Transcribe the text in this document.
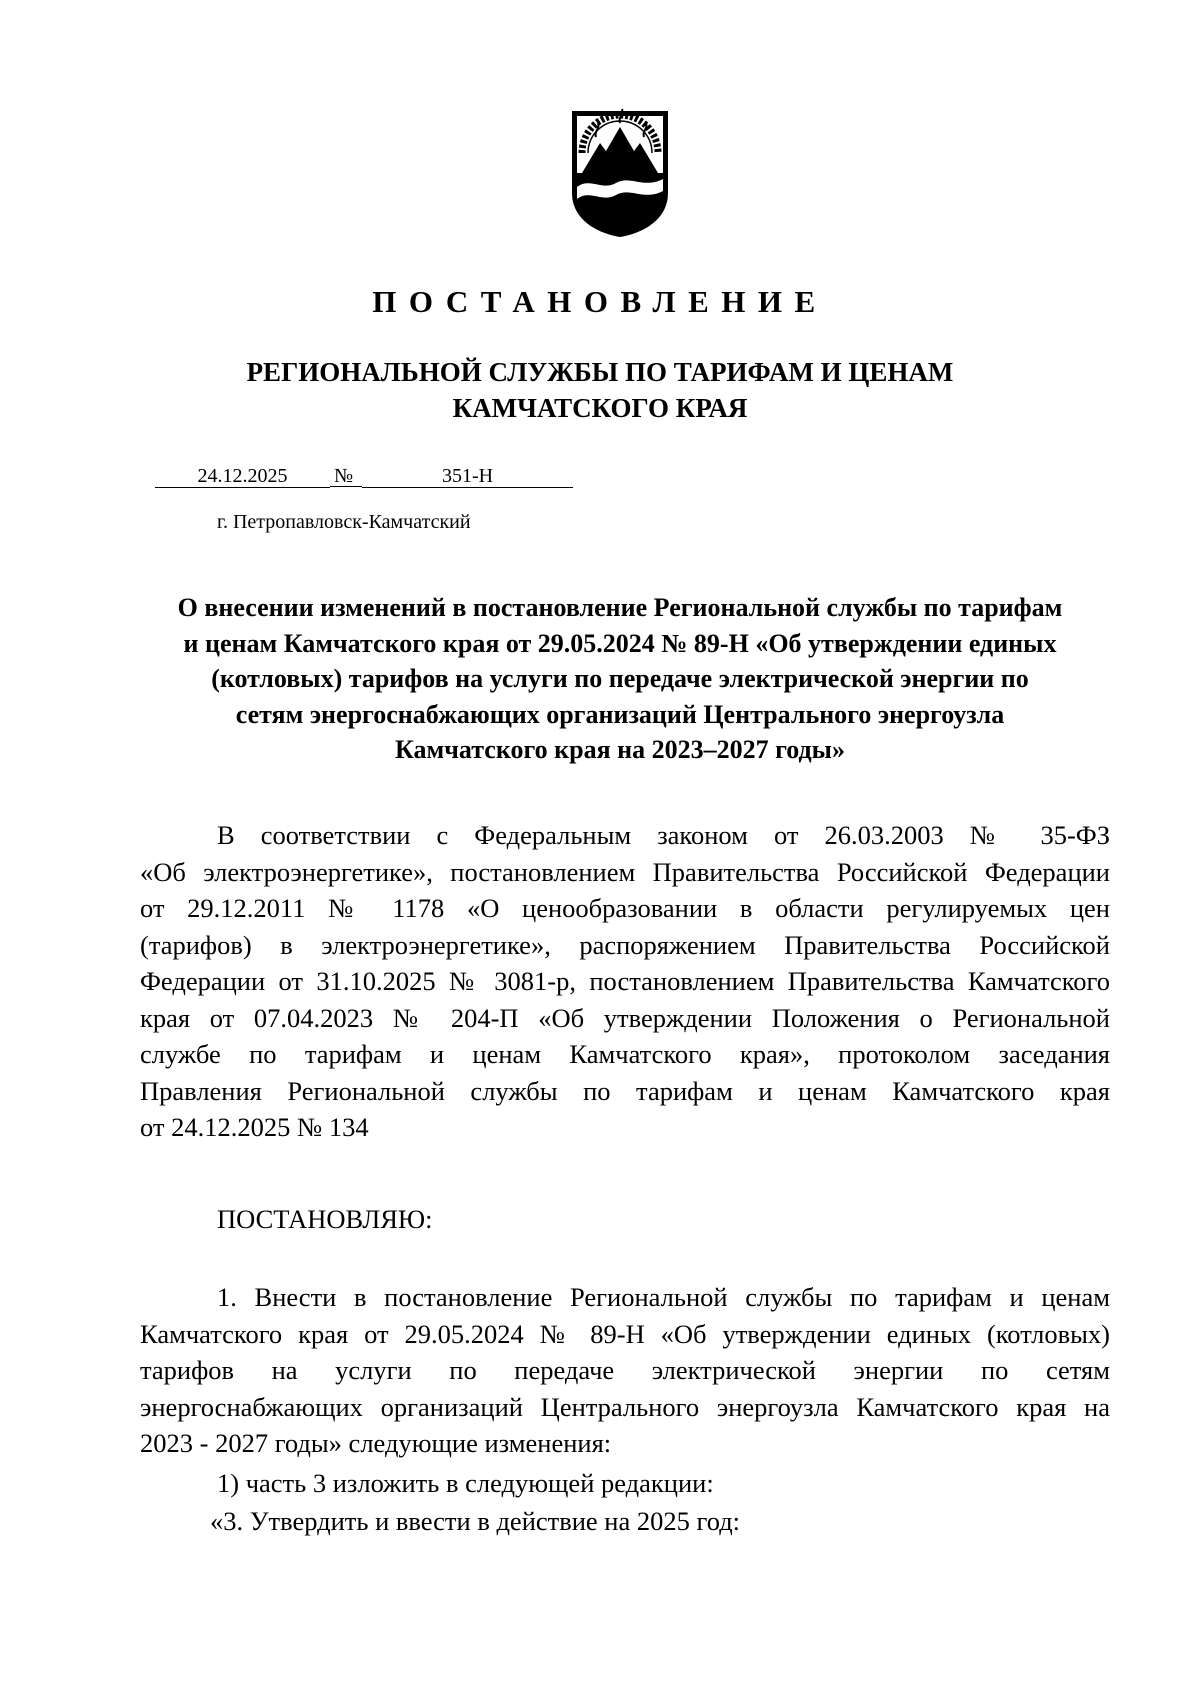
ПОСТАНОВЛЕНИЕ
РЕГИОНАЛЬНОЙ СЛУЖБЫ ПО ТАРИФАМ И ЦЕНАМ
КАМЧАТСКОГО КРАЯ
24.12.2025	№	351-Н
г. Петропавловск-Камчатский
О внесении изменений в постановление Региональной службы по тарифам
и ценам Камчатского края от 29.05.2024 № 89-Н «Об утверждении единых
(котловых) тарифов на услуги по передаче электрической энергии по
сетям энергоснабжающих организаций Центрального энергоузла
Камчатского края на 2023–2027 годы»
В соответствии с Федеральным законом от 26.03.2003 № 35-ФЗ
«Об электроэнергетике», постановлением Правительства Российской Федерации
от 29.12.2011 № 1178 «О ценообразовании в области регулируемых цен
(тарифов) в электроэнергетике», распоряжением Правительства Российской
Федерации от 31.10.2025 № 3081-р, постановлением Правительства Камчатского
края от 07.04.2023 № 204-П «Об утверждении Положения о Региональной
службе по тарифам и ценам Камчатского края», протоколом заседания
Правления Региональной службы по тарифам и ценам Камчатского края
от 24.12.2025 № 134
ПОСТАНОВЛЯЮ:
1. Внести в постановление Региональной службы по тарифам и ценам
Камчатского края от 29.05.2024 № 89-Н «Об утверждении единых (котловых)
тарифов на услуги по передаче электрической энергии по сетям
энергоснабжающих организаций Центрального энергоузла Камчатского края на
2023 - 2027 годы» следующие изменения:
1) часть 3 изложить в следующей редакции:
«3. Утвердить и ввести в действие на 2025 год:
